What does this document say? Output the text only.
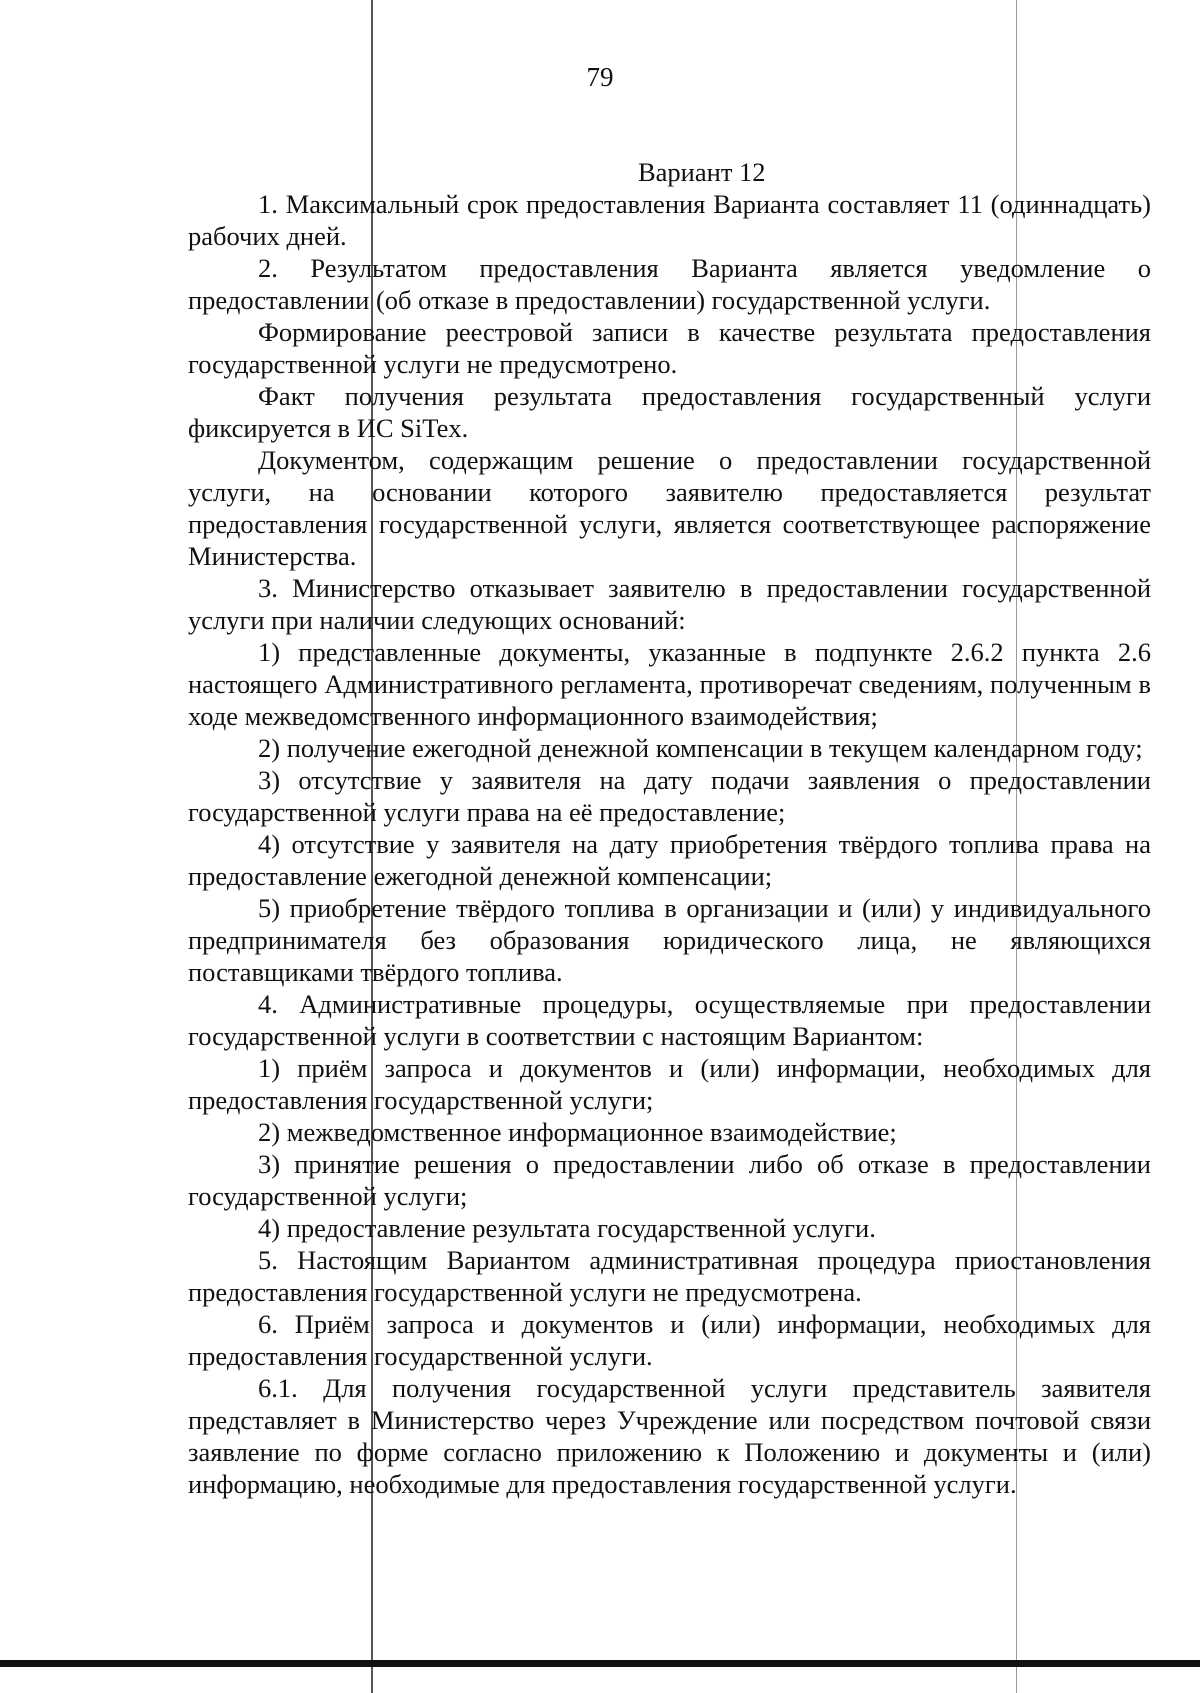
79
Вариант 12

1. Максимальный срок предоставления Варианта составляет 11 (одиннадцать) рабочих дней.

2. Результатом предоставления Варианта является уведомление о предоставлении (об отказе в предоставлении) государственной услуги.

Формирование реестровой записи в качестве результата предоставления государственной услуги не предусмотрено.

Факт получения результата предоставления государственный услуги фиксируется в ИС SiTex.

Документом, содержащим решение о предоставлении государственной услуги, на основании которого заявителю предоставляется результат предоставления государственной услуги, является соответствующее распоряжение Министерства.

3. Министерство отказывает заявителю в предоставлении государственной услуги при наличии следующих оснований:

1) представленные документы, указанные в подпункте 2.6.2 пункта 2.6 настоящего Административного регламента, противоречат сведениям, полученным в ходе межведомственного информационного взаимодействия;

2) получение ежегодной денежной компенсации в текущем календарном году;

3) отсутствие у заявителя на дату подачи заявления о предоставлении государственной услуги права на её предоставление;

4) отсутствие у заявителя на дату приобретения твёрдого топлива права на предоставление ежегодной денежной компенсации;

5) приобретение твёрдого топлива в организации и (или) у индивидуального предпринимателя без образования юридического лица, не являющихся поставщиками твёрдого топлива.

4. Административные процедуры, осуществляемые при предоставлении государственной услуги в соответствии с настоящим Вариантом:

1) приём запроса и документов и (или) информации, необходимых для предоставления государственной услуги;

2) межведомственное информационное взаимодействие;

3) принятие решения о предоставлении либо об отказе в предоставлении государственной услуги;

4) предоставление результата государственной услуги.

5. Настоящим Вариантом административная процедура приостановления предоставления государственной услуги не предусмотрена.

6. Приём запроса и документов и (или) информации, необходимых для предоставления государственной услуги.

6.1. Для получения государственной услуги представитель заявителя представляет в Министерство через Учреждение или посредством почтовой связи заявление по форме согласно приложению к Положению и документы и (или) информацию, необходимые для предоставления государственной услуги.
